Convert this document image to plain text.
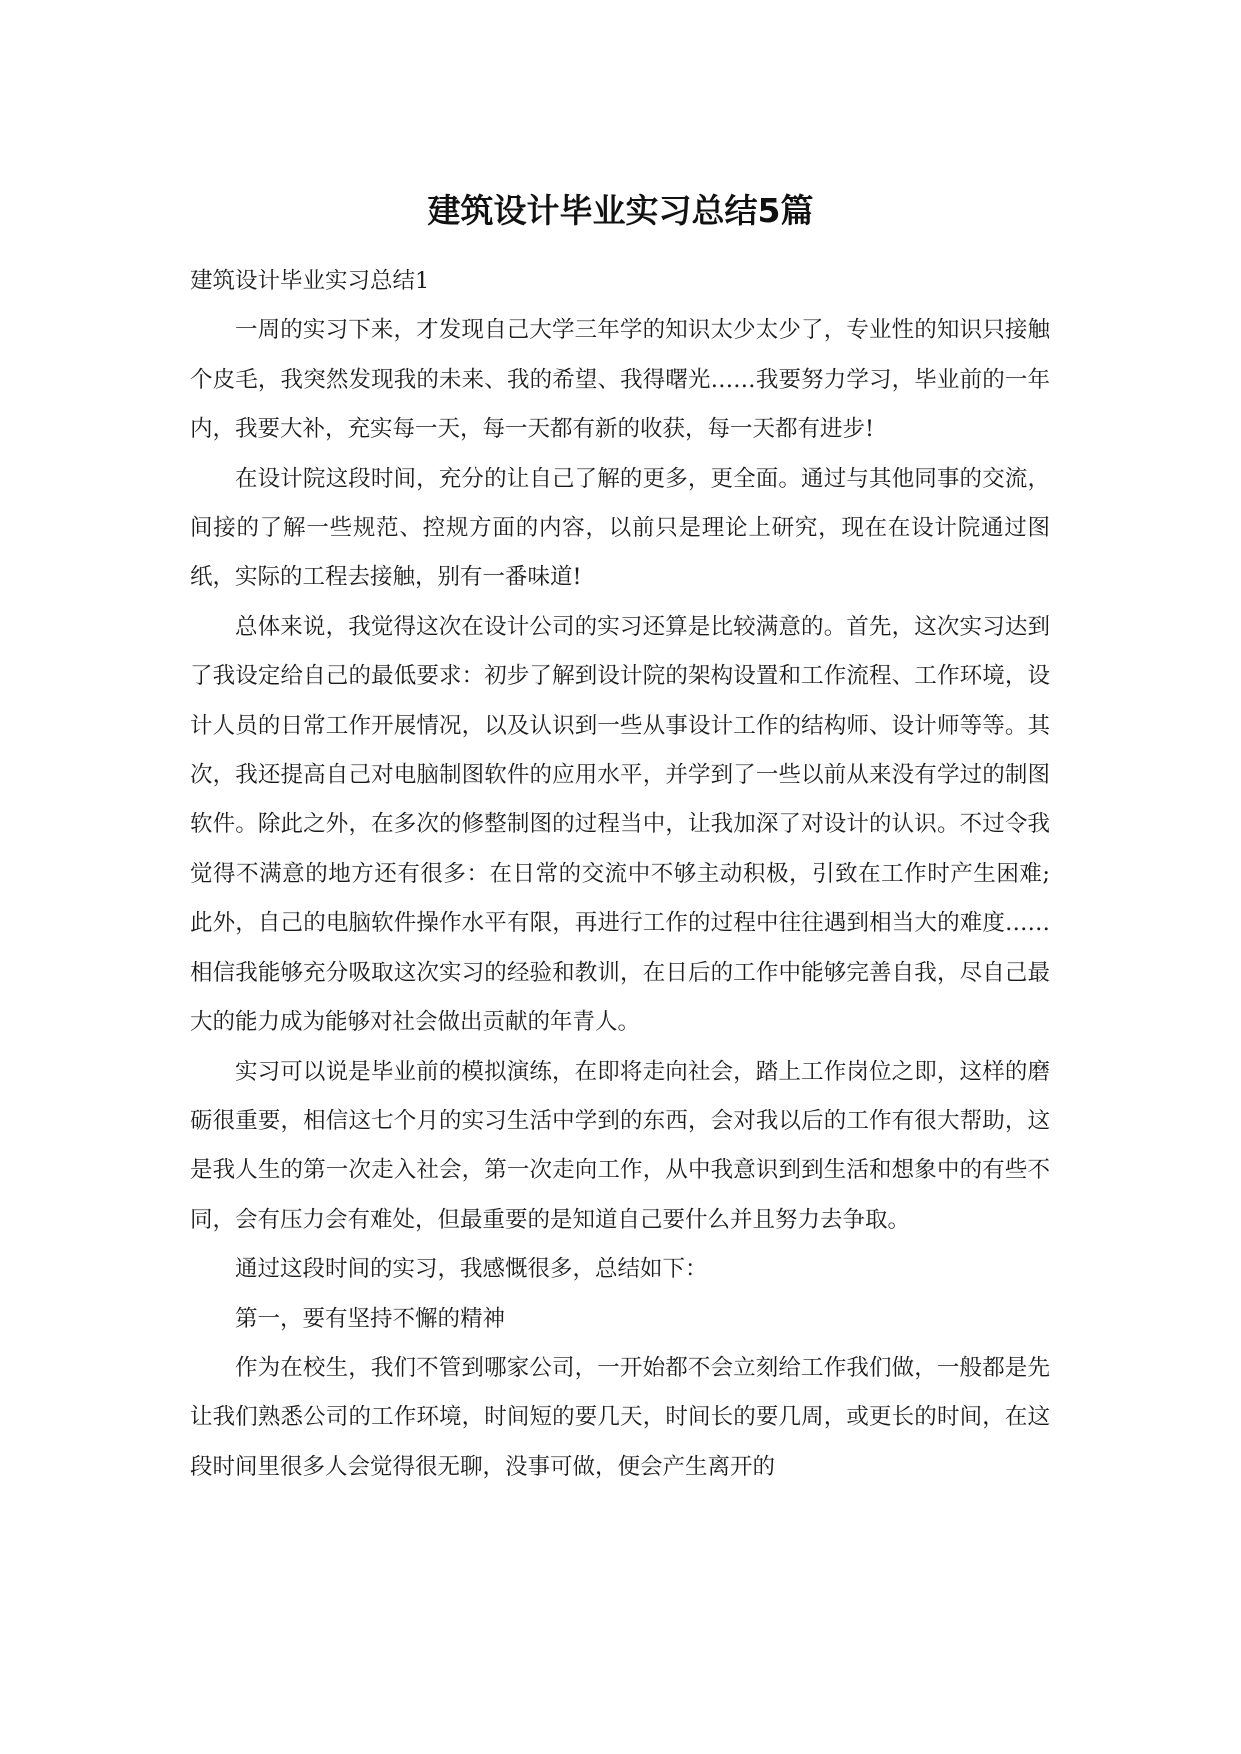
建筑设计毕业实习总结5篇

建筑设计毕业实习总结1

一周的实习下来，才发现自己大学三年学的知识太少太少了，专业性的知识只接触个皮毛，我突然发现我的未来、我的希望、我得曙光……我要努力学习，毕业前的一年内，我要大补，充实每一天，每一天都有新的收获，每一天都有进步!

在设计院这段时间，充分的让自己了解的更多，更全面。通过与其他同事的交流，间接的了解一些规范、控规方面的内容，以前只是理论上研究，现在在设计院通过图纸，实际的工程去接触，别有一番味道!

总体来说，我觉得这次在设计公司的实习还算是比较满意的。首先，这次实习达到了我设定给自己的最低要求：初步了解到设计院的架构设置和工作流程、工作环境，设计人员的日常工作开展情况，以及认识到一些从事设计工作的结构师、设计师等等。其次，我还提高自己对电脑制图软件的应用水平，并学到了一些以前从来没有学过的制图软件。除此之外，在多次的修整制图的过程当中，让我加深了对设计的认识。不过令我觉得不满意的地方还有很多：在日常的交流中不够主动积极，引致在工作时产生困难;此外，自己的电脑软件操作水平有限，再进行工作的过程中往往遇到相当大的难度……相信我能够充分吸取这次实习的经验和教训，在日后的工作中能够完善自我，尽自己最大的能力成为能够对社会做出贡献的年青人。

实习可以说是毕业前的模拟演练，在即将走向社会，踏上工作岗位之即，这样的磨砺很重要，相信这七个月的实习生活中学到的东西，会对我以后的工作有很大帮助，这是我人生的第一次走入社会，第一次走向工作，从中我意识到到生活和想象中的有些不同，会有压力会有难处，但最重要的是知道自己要什么并且努力去争取。

通过这段时间的实习，我感慨很多，总结如下：

第一，要有坚持不懈的精神

作为在校生，我们不管到哪家公司，一开始都不会立刻给工作我们做，一般都是先让我们熟悉公司的工作环境，时间短的要几天，时间长的要几周，或更长的时间，在这段时间里很多人会觉得很无聊，没事可做，便会产生离开的
